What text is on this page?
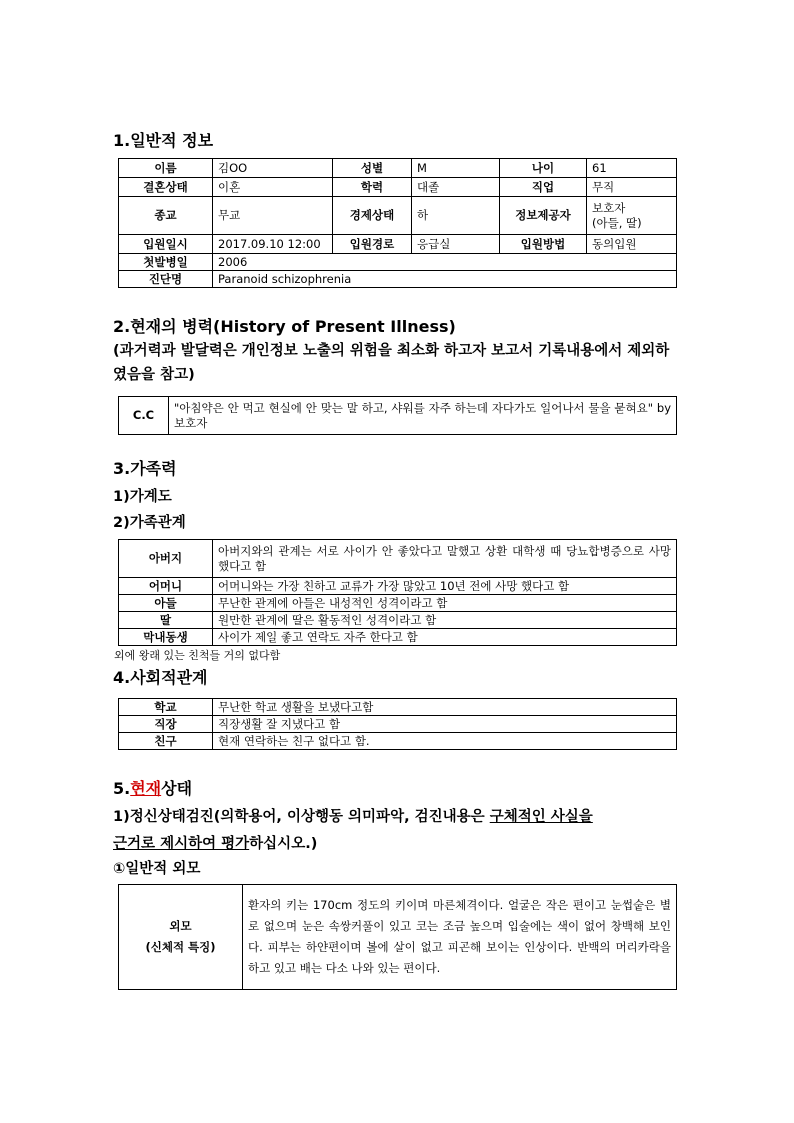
1.일반적 정보
이름	김OO	성별	M	나이	61
결혼상태	이혼	학력	대졸	직업	무직
종교	무교	경제상태	하	정보제공자	보호자
(아들, 딸)

입원일시	2017.09.10 12:00	입원경로	응급실	입원방법	동의입원
첫발병일	2006				
진단명	Paranoid schizophrenia				
2.현재의 병력(History of Present Illness)
(과거력과 발달력은 개인정보 노출의 위험을 최소화 하고자 보고서 기록내용에서 제외하였음을 참고)
C.C	"아침약은 안 먹고 현실에 안 맞는 말 하고, 샤워를 자주 하는데 자다가도 일어나서 물을 묻혀요" by보호자
3.가족력
1)가계도
2)가족관계
아버지	아버지와의 관계는 서로 사이가 안 좋았다고 말했고 상환 대학생 때 당뇨합병증으로 사망 했다고 함
어머니	어머니와는 가장 친하고 교류가 가장 많았고 10년 전에 사망 했다고 함
아들	무난한 관계에 아들은 내성적인 성격이라고 함
딸	원만한 관계에 딸은 활동적인 성격이라고 함
막내동생	사이가 제일 좋고 연락도 자주 한다고 함
외에 왕래 있는 친척들 거의 없다함
4.사회적관계
학교	무난한 학교 생활을 보냈다고함
직장	직장생활 잘 지냈다고 함
친구	현재 연락하는 친구 없다고 함.
5.현재상태
1)정신상태검진(의학용어, 이상행동 의미파악, 검진내용은 구체적인 사실을
근거로 제시하여 평가하십시오.)
①일반적 외모
외모
(신체적 특징)
	환자의 키는 170cm 정도의 키이며 마른체격이다. 얼굴은 작은 편이고 눈썹숱은 별로 없으며 눈은 속쌍커풀이 있고 코는 조금 높으며 입술에는 색이 없어 창백해 보인다. 피부는 하얀편이며 볼에 살이 없고 피곤해 보이는 인상이다. 반백의 머리카락을 하고 있고 배는 다소 나와 있는 편이다.
